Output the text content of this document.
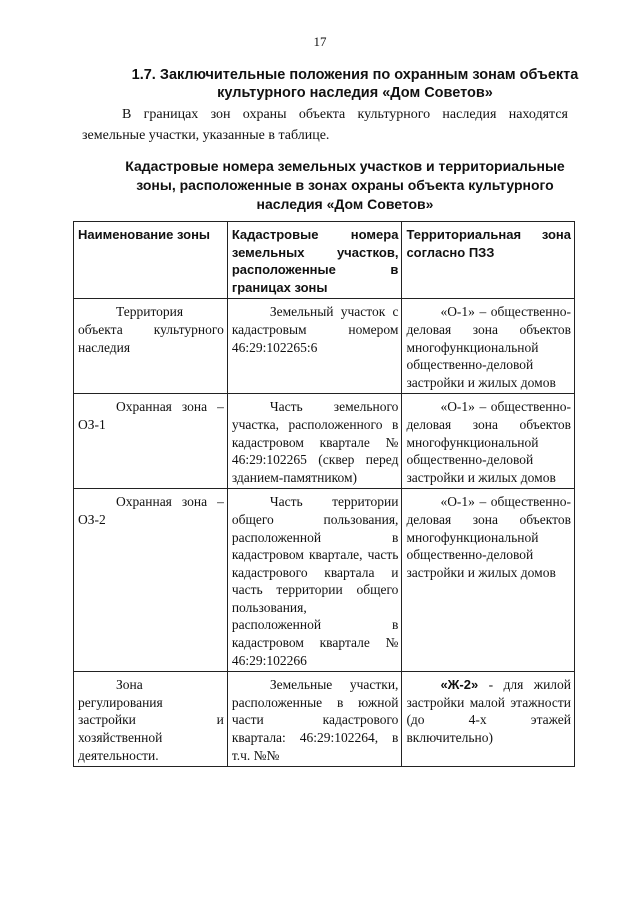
17
1.7. Заключительные положения по охранным зонам объекта культурного наследия «Дом Советов»
В границах зон охраны объекта культурного наследия находятся земельные участки, указанные в таблице.
Кадастровые номера земельных участков и территориальные зоны, расположенные в зонах охраны объекта культурного наследия «Дом Советов»
Наименование зоны	Кадастровые номера земельных участков, расположенные в границах зоны	Территориальная зона согласно ПЗЗ
Территория объекта культурного наследия	Земельный участок с кадастровым номером 46:29:102265:6	«О-1» – общественно-деловая зона объектов многофункциональной общественно-деловой застройки и жилых домов
Охранная зона – ОЗ-1	Часть земельного участка, расположенного в кадастровом квартале № 46:29:102265 (сквер перед зданием-памятником)	«О-1» – общественно-деловая зона объектов многофункциональной общественно-деловой застройки и жилых домов
Охранная зона – ОЗ-2	Часть территории общего пользования, расположенной в кадастровом квартале, часть кадастрового квартала и часть территории общего пользования, расположенной в кадастровом квартале № 46:29:102266	«О-1» – общественно-деловая зона объектов многофункциональной общественно-деловой застройки и жилых домов
Зона регулирования застройки и хозяйственной деятельности.	Земельные участки, расположенные в южной части кадастрового квартала: 46:29:102264, в т.ч. №№	«Ж-2» - для жилой застройки малой этажности (до 4-х этажей включительно)
